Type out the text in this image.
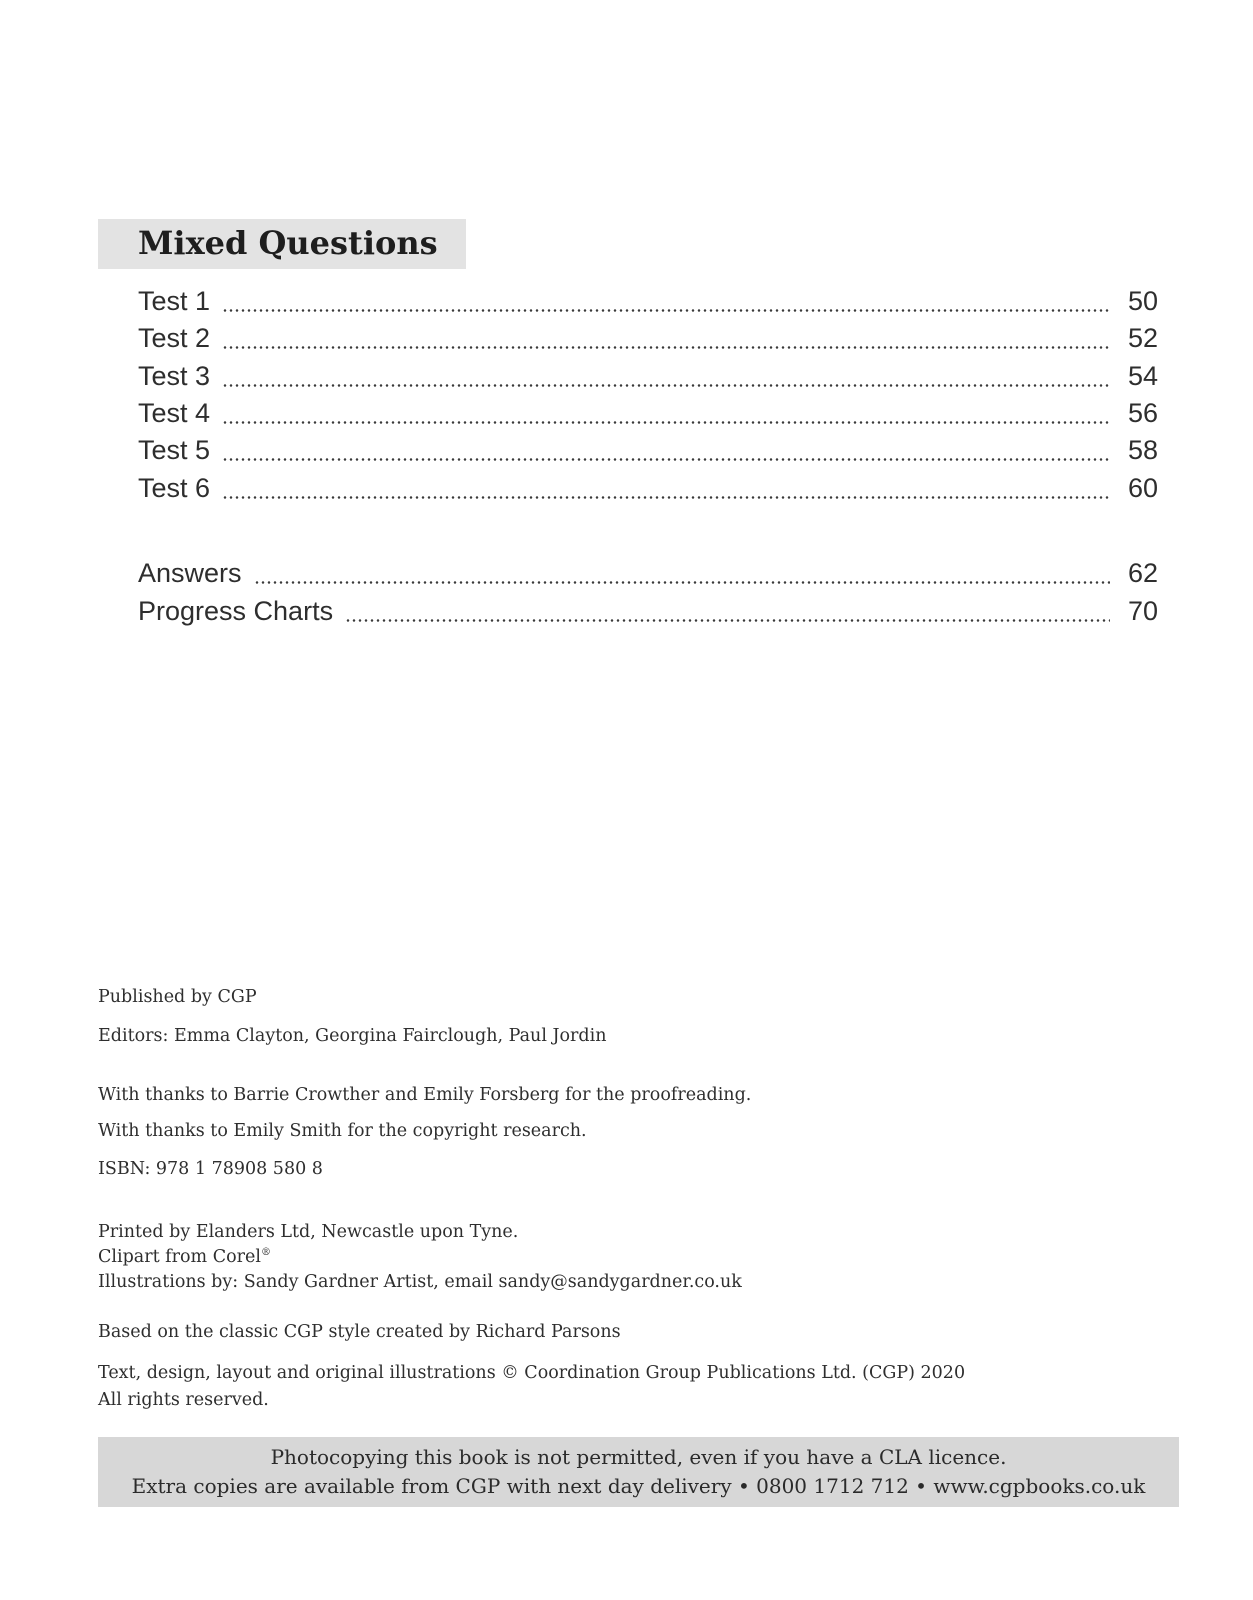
Mixed Questions
Test 1	50
Test 2	52
Test 3	54
Test 4	56
Test 5	58
Test 6	60
Answers	62
Progress Charts	70
Published by CGP
Editors: Emma Clayton, Georgina Fairclough, Paul Jordin
With thanks to Barrie Crowther and Emily Forsberg for the proofreading.
With thanks to Emily Smith for the copyright research.
ISBN: 978 1 78908 580 8
Printed by Elanders Ltd, Newcastle upon Tyne.
Clipart from Corel®
Illustrations by: Sandy Gardner Artist, email sandy@sandygardner.co.uk
Based on the classic CGP style created by Richard Parsons
Text, design, layout and original illustrations © Coordination Group Publications Ltd. (CGP) 2020
All rights reserved.
Photocopying this book is not permitted, even if you have a CLA licence.
Extra copies are available from CGP with next day delivery • 0800 1712 712 • www.cgpbooks.co.uk
